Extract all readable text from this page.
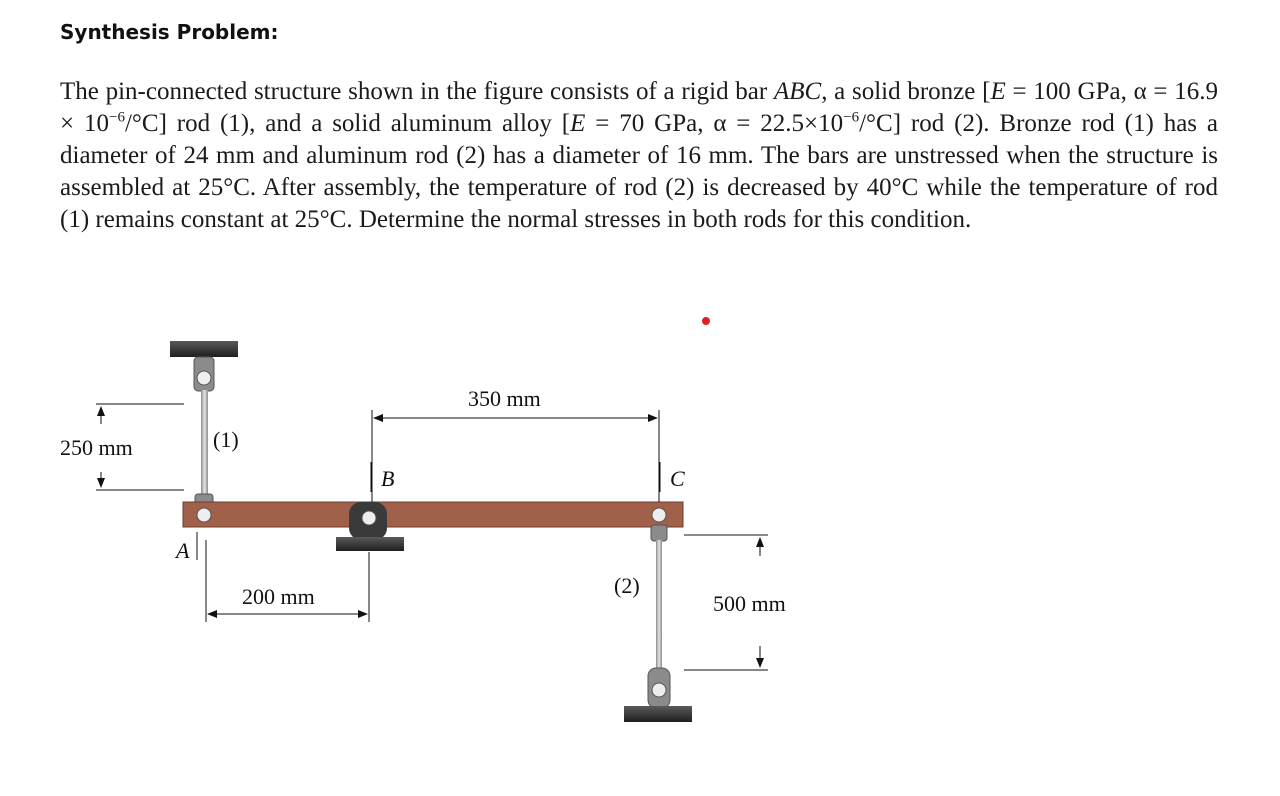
Synthesis Problem:
The pin-connected structure shown in the figure consists of a rigid bar ABC, a solid bronze [E = 100 GPa, $\alpha = 16.9 \times 10^{-6}/^\circ C$] rod (1), and a solid aluminum alloy [E = 70 GPa, $\alpha = 22.5\times 10^{-6}/^\circ C$] rod (2). Bronze rod (1) has a diameter of 24 mm and aluminum rod (2) has a diameter of 16 mm. The bars are unstressed when the structure is assembled at 25°C. After assembly, the temperature of rod (2) is decreased by 40°C while the temperature of rod (1) remains constant at 25°C. Determine the normal stresses in both rods for this condition.
250 mm
350 mm
200 mm	500 mm
(1)
(2)
A
B	C
